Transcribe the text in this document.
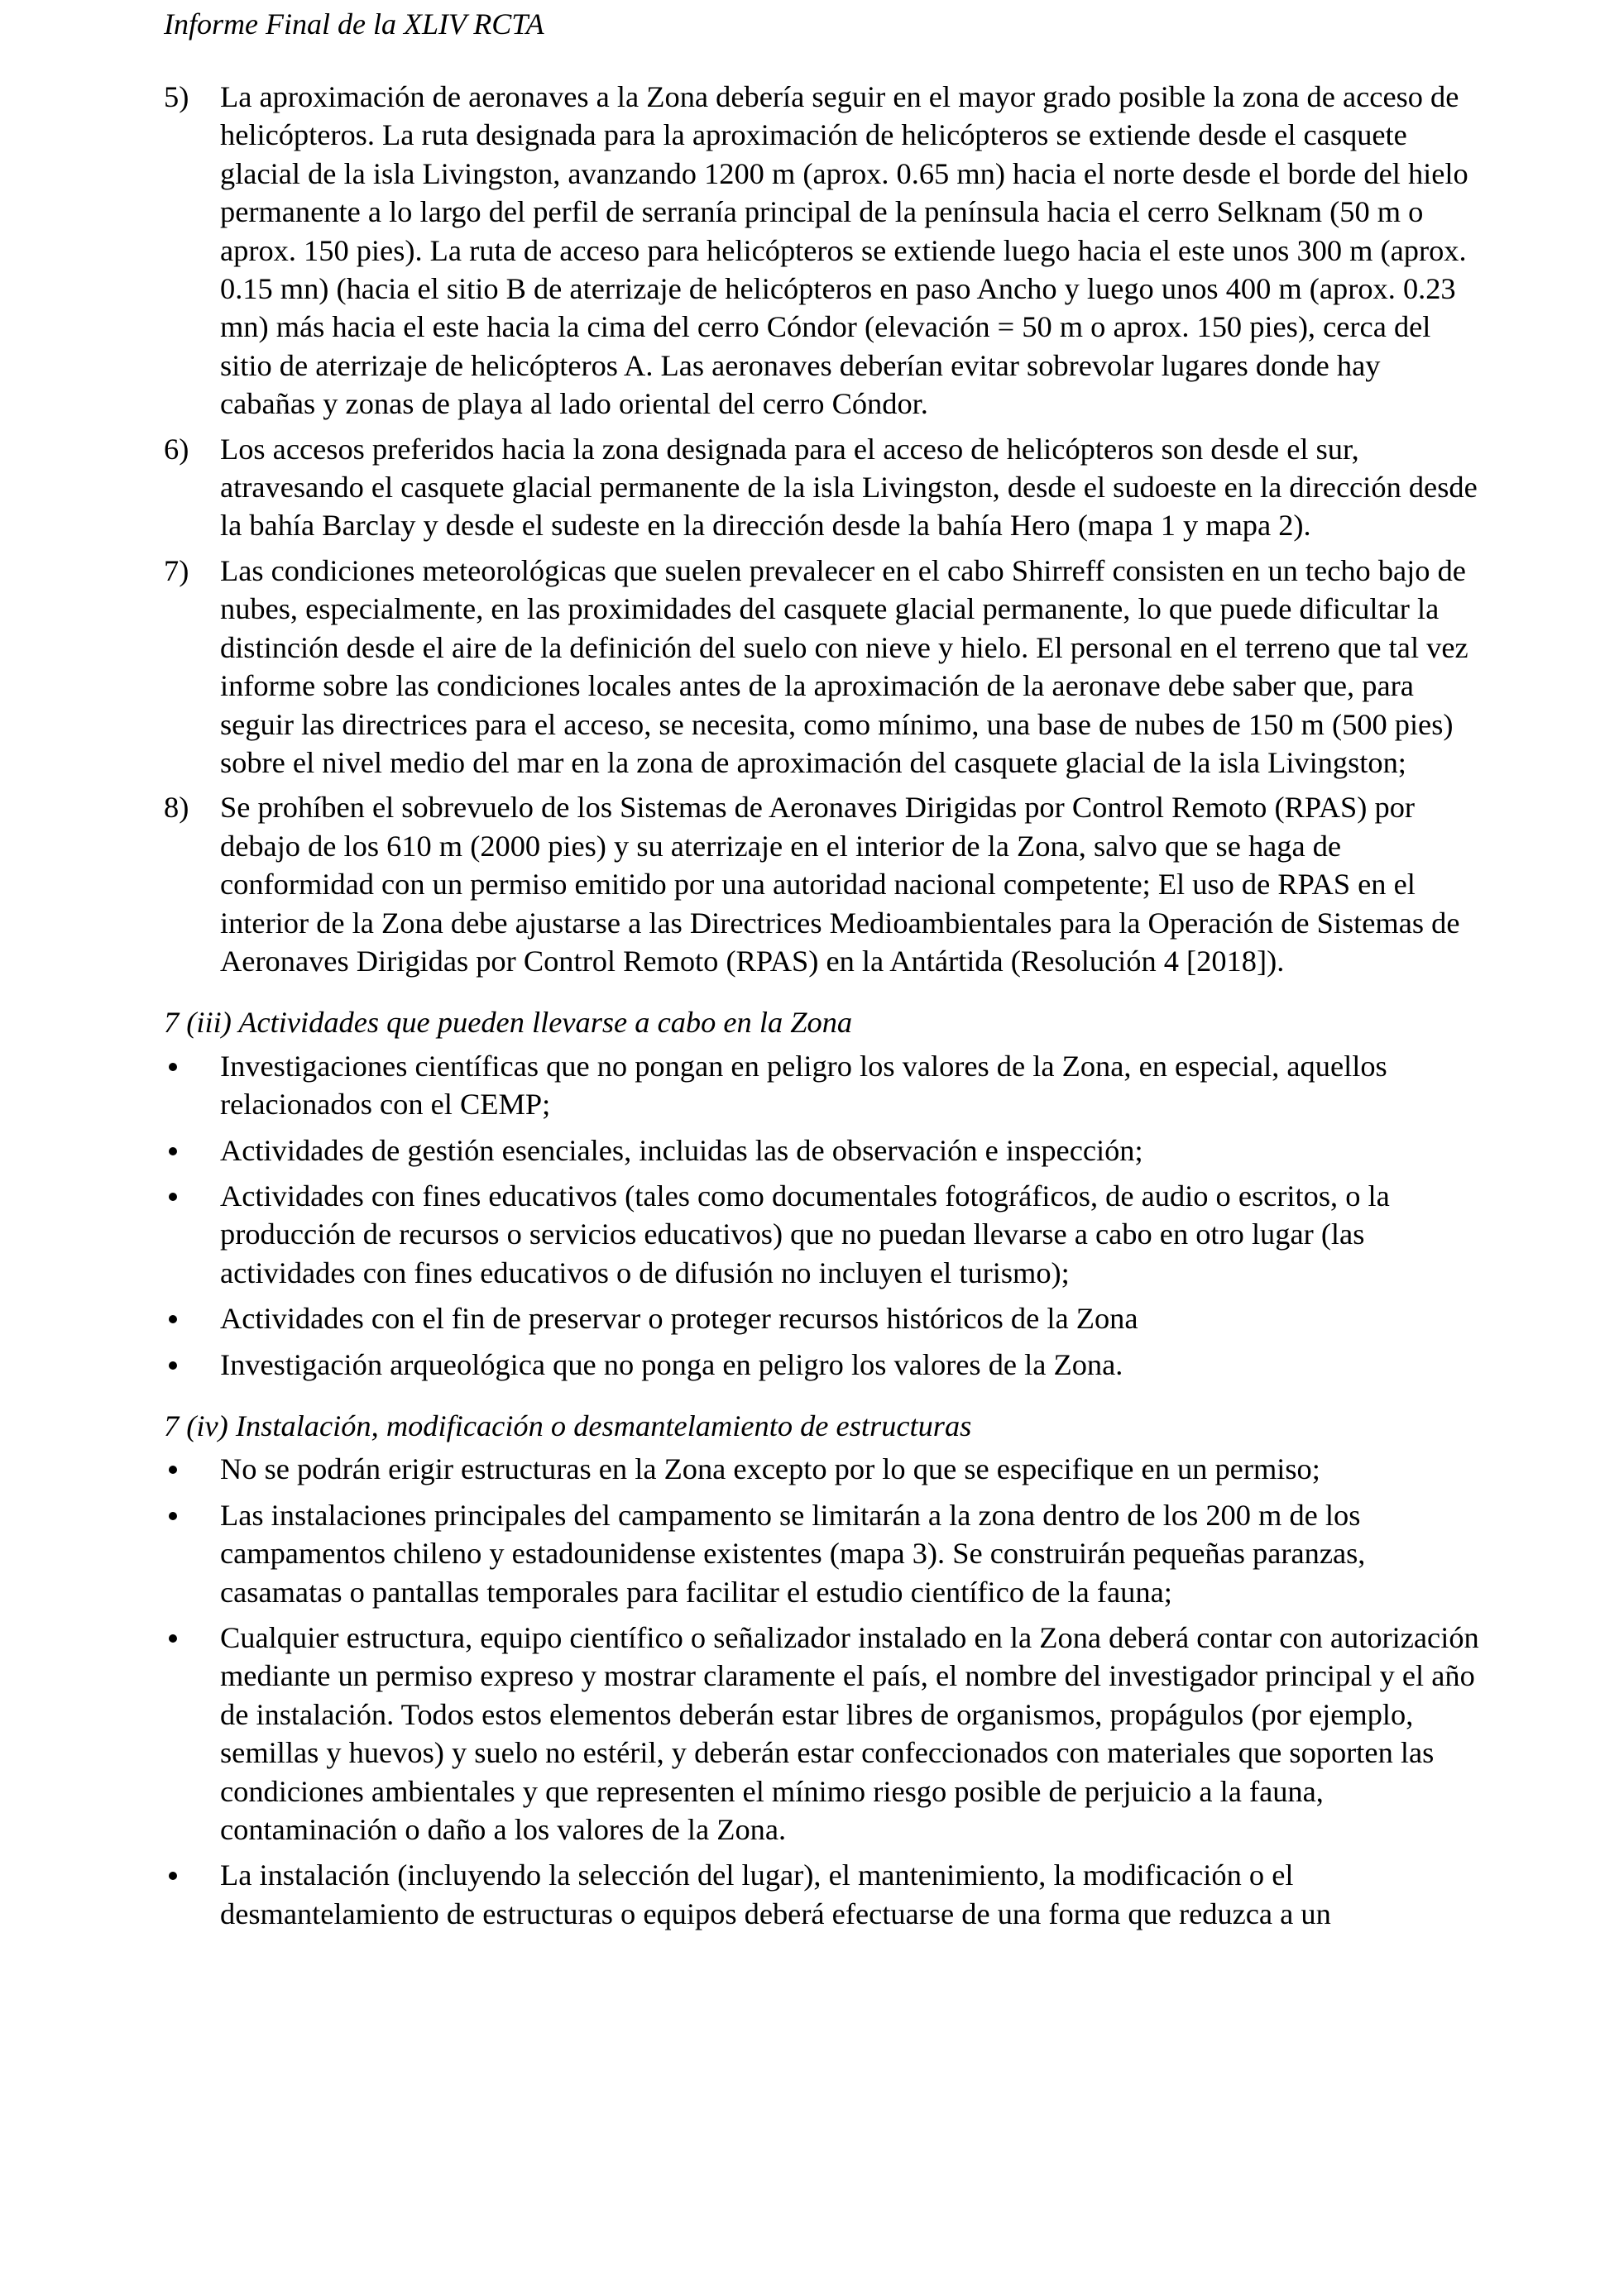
Informe Final de la XLIV RCTA
5) La aproximación de aeronaves a la Zona debería seguir en el mayor grado posible la zona de acceso de helicópteros. La ruta designada para la aproximación de helicópteros se extiende desde el casquete glacial de la isla Livingston, avanzando 1200 m (aprox. 0.65 mn) hacia el norte desde el borde del hielo permanente a lo largo del perfil de serranía principal de la península hacia el cerro Selknam (50 m o aprox. 150 pies). La ruta de acceso para helicópteros se extiende luego hacia el este unos 300 m (aprox. 0.15 mn) (hacia el sitio B de aterrizaje de helicópteros en paso Ancho y luego unos 400 m (aprox. 0.23 mn) más hacia el este hacia la cima del cerro Cóndor (elevación = 50 m o aprox. 150 pies), cerca del sitio de aterrizaje de helicópteros A. Las aeronaves deberían evitar sobrevolar lugares donde hay cabañas y zonas de playa al lado oriental del cerro Cóndor.
6) Los accesos preferidos hacia la zona designada para el acceso de helicópteros son desde el sur, atravesando el casquete glacial permanente de la isla Livingston, desde el sudoeste en la dirección desde la bahía Barclay y desde el sudeste en la dirección desde la bahía Hero (mapa 1 y mapa 2).
7) Las condiciones meteorológicas que suelen prevalecer en el cabo Shirreff consisten en un techo bajo de nubes, especialmente, en las proximidades del casquete glacial permanente, lo que puede dificultar la distinción desde el aire de la definición del suelo con nieve y hielo. El personal en el terreno que tal vez informe sobre las condiciones locales antes de la aproximación de la aeronave debe saber que, para seguir las directrices para el acceso, se necesita, como mínimo, una base de nubes de 150 m (500 pies) sobre el nivel medio del mar en la zona de aproximación del casquete glacial de la isla Livingston;
8) Se prohíben el sobrevuelo de los Sistemas de Aeronaves Dirigidas por Control Remoto (RPAS) por debajo de los 610 m (2000 pies) y su aterrizaje en el interior de la Zona, salvo que se haga de conformidad con un permiso emitido por una autoridad nacional competente; El uso de RPAS en el interior de la Zona debe ajustarse a las Directrices Medioambientales para la Operación de Sistemas de Aeronaves Dirigidas por Control Remoto (RPAS) en la Antártida (Resolución 4 [2018]).
7 (iii) Actividades que pueden llevarse a cabo en la Zona
Investigaciones científicas que no pongan en peligro los valores de la Zona, en especial, aquellos relacionados con el CEMP;
Actividades de gestión esenciales, incluidas las de observación e inspección;
Actividades con fines educativos (tales como documentales fotográficos, de audio o escritos, o la producción de recursos o servicios educativos) que no puedan llevarse a cabo en otro lugar (las actividades con fines educativos o de difusión no incluyen el turismo);
Actividades con el fin de preservar o proteger recursos históricos de la Zona
Investigación arqueológica que no ponga en peligro los valores de la Zona.
7 (iv) Instalación, modificación o desmantelamiento de estructuras
No se podrán erigir estructuras en la Zona excepto por lo que se especifique en un permiso;
Las instalaciones principales del campamento se limitarán a la zona dentro de los 200 m de los campamentos chileno y estadounidense existentes (mapa 3). Se construirán pequeñas paranzas, casamatas o pantallas temporales para facilitar el estudio científico de la fauna;
Cualquier estructura, equipo científico o señalizador instalado en la Zona deberá contar con autorización mediante un permiso expreso y mostrar claramente el país, el nombre del investigador principal y el año de instalación. Todos estos elementos deberán estar libres de organismos, propágulos (por ejemplo, semillas y huevos) y suelo no estéril, y deberán estar confeccionados con materiales que soporten las condiciones ambientales y que representen el mínimo riesgo posible de perjuicio a la fauna, contaminación o daño a los valores de la Zona.
La instalación (incluyendo la selección del lugar), el mantenimiento, la modificación o el desmantelamiento de estructuras o equipos deberá efectuarse de una forma que reduzca a un
